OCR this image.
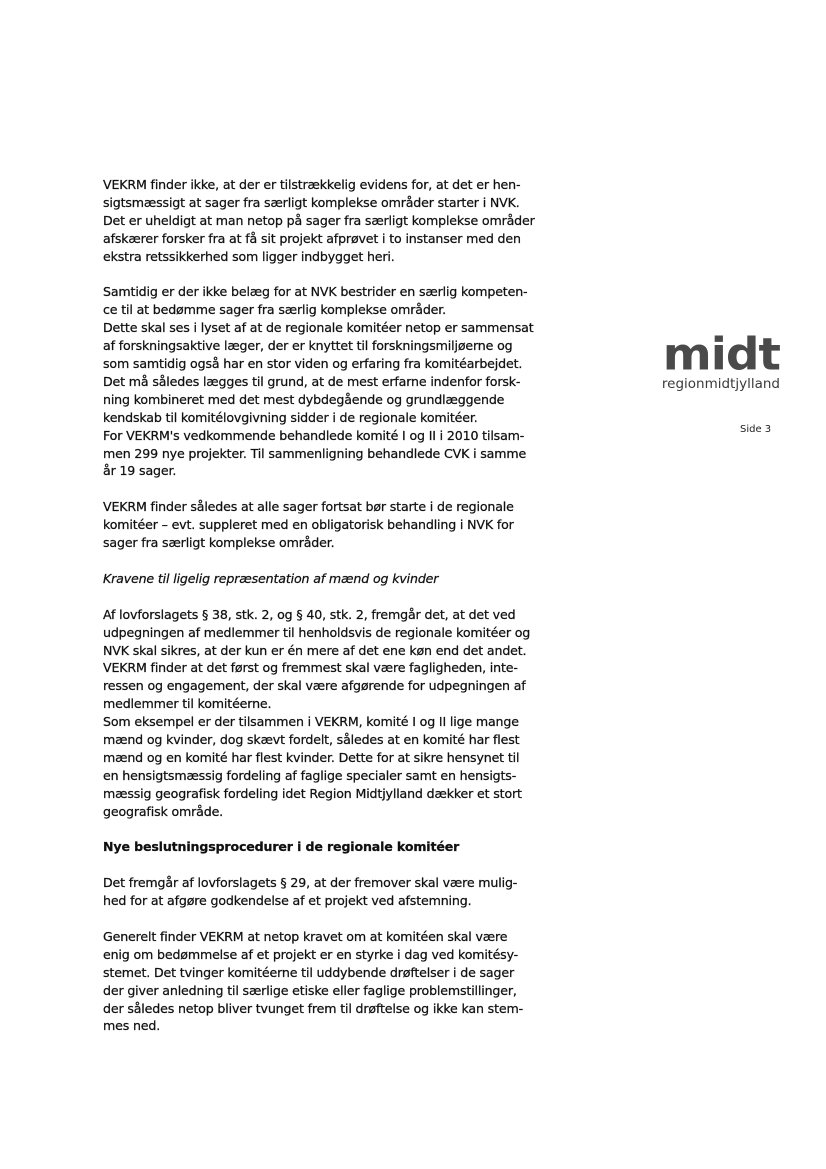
midt
regionmidtjylland
Side 3
VEKRM finder ikke, at der er tilstrækkelig evidens for, at det er hen-
sigtsmæssigt at sager fra særligt komplekse områder starter i NVK.
Det er uheldigt at man netop på sager fra særligt komplekse områder
afskærer forsker fra at få sit projekt afprøvet i to instanser med den
ekstra retssikkerhed som ligger indbygget heri.
Samtidig er der ikke belæg for at NVK bestrider en særlig kompeten-
ce til at bedømme sager fra særlig komplekse områder.
Dette skal ses i lyset af at de regionale komitéer netop er sammensat
af forskningsaktive læger, der er knyttet til forskningsmiljøerne og
som samtidig også har en stor viden og erfaring fra komitéarbejdet.
Det må således lægges til grund, at de mest erfarne indenfor forsk-
ning kombineret med det mest dybdegående og grundlæggende
kendskab til komitélovgivning sidder i de regionale komitéer.
For VEKRM's vedkommende behandlede komité I og II i 2010 tilsam-
men 299 nye projekter. Til sammenligning behandlede CVK i samme
år 19 sager.
VEKRM finder således at alle sager fortsat bør starte i de regionale
komitéer – evt. suppleret med en obligatorisk behandling i NVK for
sager fra særligt komplekse områder.
Kravene til ligelig repræsentation af mænd og kvinder
Af lovforslagets § 38, stk. 2, og § 40, stk. 2, fremgår det, at det ved
udpegningen af medlemmer til henholdsvis de regionale komitéer og
NVK skal sikres, at der kun er én mere af det ene køn end det andet.
VEKRM finder at det først og fremmest skal være fagligheden, inte-
ressen og engagement, der skal være afgørende for udpegningen af
medlemmer til komitéerne.
Som eksempel er der tilsammen i VEKRM, komité I og II lige mange
mænd og kvinder, dog skævt fordelt, således at en komité har flest
mænd og en komité har flest kvinder. Dette for at sikre hensynet til
en hensigtsmæssig fordeling af faglige specialer samt en hensigts-
mæssig geografisk fordeling idet Region Midtjylland dækker et stort
geografisk område.
Nye beslutningsprocedurer i de regionale komitéer
Det fremgår af lovforslagets § 29, at der fremover skal være mulig-
hed for at afgøre godkendelse af et projekt ved afstemning.
Generelt finder VEKRM at netop kravet om at komitéen skal være
enig om bedømmelse af et projekt er en styrke i dag ved komitésy-
stemet. Det tvinger komitéerne til uddybende drøftelser i de sager
der giver anledning til særlige etiske eller faglige problemstillinger,
der således netop bliver tvunget frem til drøftelse og ikke kan stem-
mes ned.
